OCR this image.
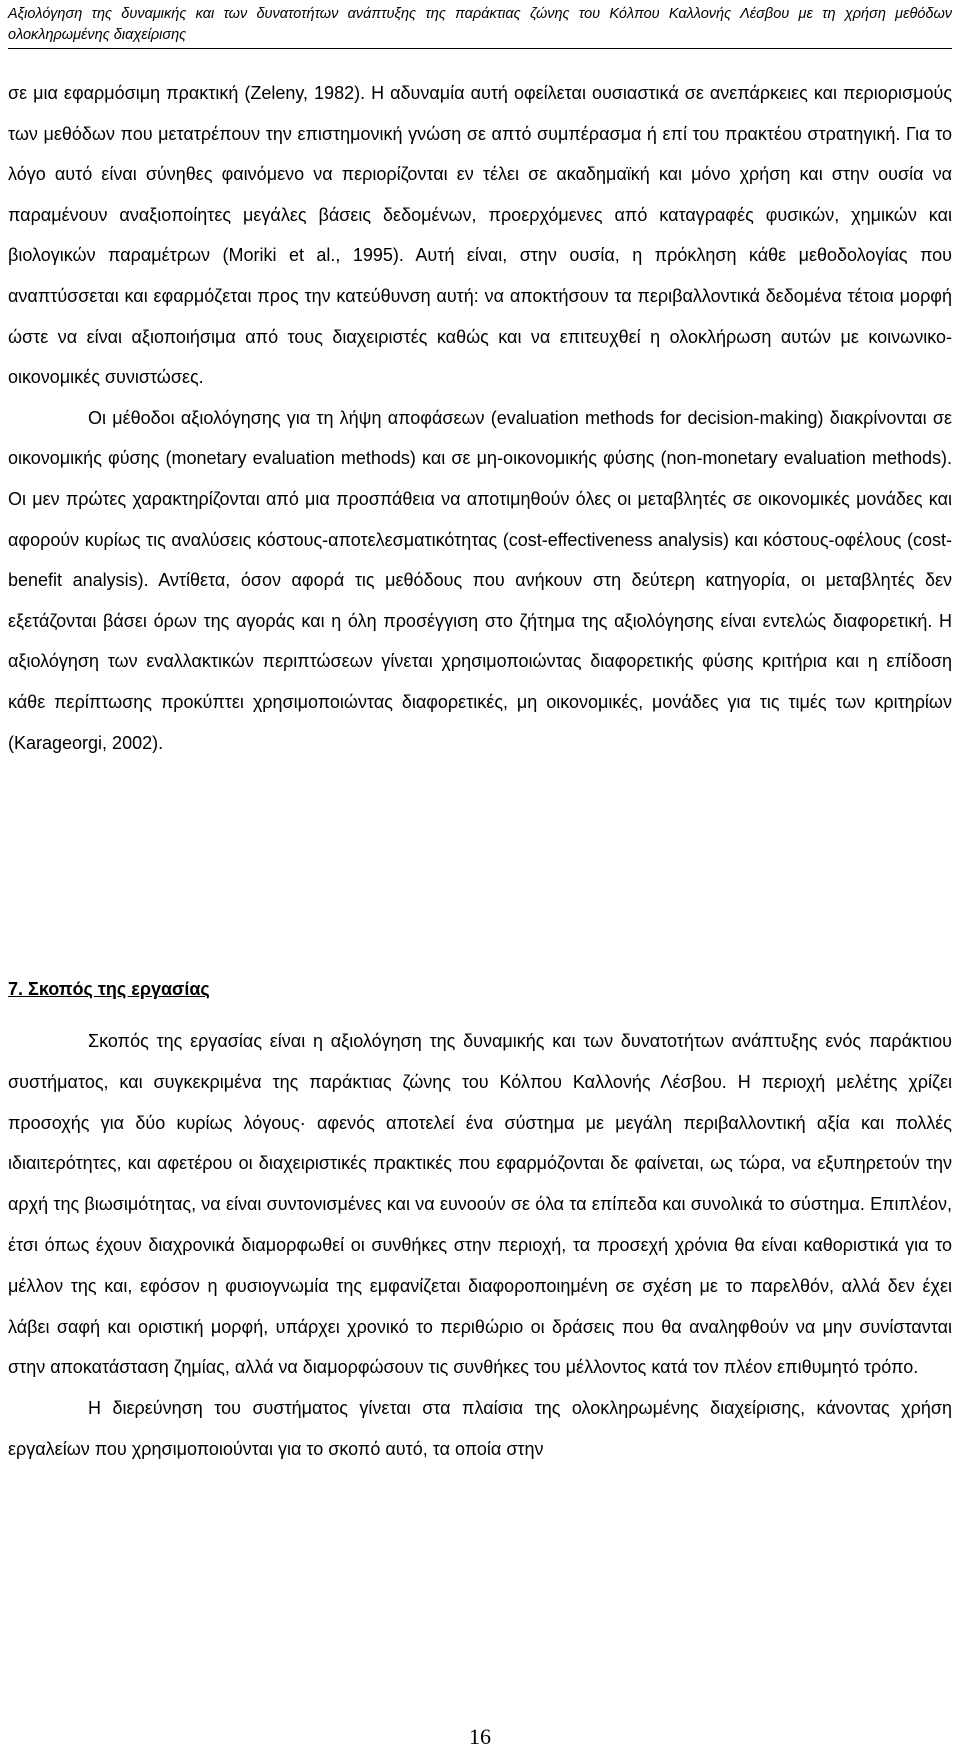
Αξιολόγηση της δυναμικής και των δυνατοτήτων ανάπτυξης της παράκτιας ζώνης του Κόλπου Καλλονής Λέσβου με τη χρήση μεθόδων ολοκληρωμένης διαχείρισης

σε μια εφαρμόσιμη πρακτική (Zeleny, 1982). Η αδυναμία αυτή οφείλεται ουσιαστικά σε ανεπάρκειες και περιορισμούς των μεθόδων που μετατρέπουν την επιστημονική γνώση σε απτό συμπέρασμα ή επί του πρακτέου στρατηγική. Για το λόγο αυτό είναι σύνηθες φαινόμενο να περιορίζονται εν τέλει σε ακαδημαϊκή και μόνο χρήση και στην ουσία να παραμένουν αναξιοποίητες μεγάλες βάσεις δεδομένων, προερχόμενες από καταγραφές φυσικών, χημικών και βιολογικών παραμέτρων (Moriki et al., 1995). Αυτή είναι, στην ουσία, η πρόκληση κάθε μεθοδολογίας που αναπτύσσεται και εφαρμόζεται προς την κατεύθυνση αυτή: να αποκτήσουν τα περιβαλλοντικά δεδομένα τέτοια μορφή ώστε να είναι αξιοποιήσιμα από τους διαχειριστές καθώς και να επιτευχθεί η ολοκλήρωση αυτών με κοινωνικο-οικονομικές συνιστώσες.

Οι μέθοδοι αξιολόγησης για τη λήψη αποφάσεων (evaluation methods for decision-making) διακρίνονται σε οικονομικής φύσης (monetary evaluation methods) και σε μη-οικονομικής φύσης (non-monetary evaluation methods). Οι μεν πρώτες χαρακτηρίζονται από μια προσπάθεια να αποτιμηθούν όλες οι μεταβλητές σε οικονομικές μονάδες και αφορούν κυρίως τις αναλύσεις κόστους-αποτελεσματικότητας (cost-effectiveness analysis) και κόστους-οφέλους (cost-benefit analysis). Αντίθετα, όσον αφορά τις μεθόδους που ανήκουν στη δεύτερη κατηγορία, οι μεταβλητές δεν εξετάζονται βάσει όρων της αγοράς και η όλη προσέγγιση στο ζήτημα της αξιολόγησης είναι εντελώς διαφορετική. Η αξιολόγηση των εναλλακτικών περιπτώσεων γίνεται χρησιμοποιώντας διαφορετικής φύσης κριτήρια και η επίδοση κάθε περίπτωσης προκύπτει χρησιμοποιώντας διαφορετικές, μη οικονομικές, μονάδες για τις τιμές των κριτηρίων (Karageorgi, 2002).

7. Σκοπός της εργασίας

Σκοπός της εργασίας είναι η αξιολόγηση της δυναμικής και των δυνατοτήτων ανάπτυξης ενός παράκτιου συστήματος, και συγκεκριμένα της παράκτιας ζώνης του Κόλπου Καλλονής Λέσβου. Η περιοχή μελέτης χρίζει προσοχής για δύο κυρίως λόγους· αφενός αποτελεί ένα σύστημα με μεγάλη περιβαλλοντική αξία και πολλές ιδιαιτερότητες, και αφετέρου οι διαχειριστικές πρακτικές που εφαρμόζονται δε φαίνεται, ως τώρα, να εξυπηρετούν την αρχή της βιωσιμότητας, να είναι συντονισμένες και να ευνοούν σε όλα τα επίπεδα και συνολικά το σύστημα. Επιπλέον, έτσι όπως έχουν διαχρονικά διαμορφωθεί οι συνθήκες στην περιοχή, τα προσεχή χρόνια θα είναι καθοριστικά για το μέλλον της και, εφόσον η φυσιογνωμία της εμφανίζεται διαφοροποιημένη σε σχέση με το παρελθόν, αλλά δεν έχει λάβει σαφή και οριστική μορφή, υπάρχει χρονικό το περιθώριο οι δράσεις που θα αναληφθούν να μην συνίστανται στην αποκατάσταση ζημίας, αλλά να διαμορφώσουν τις συνθήκες του μέλλοντος κατά τον πλέον επιθυμητό τρόπο.

Η διερεύνηση του συστήματος γίνεται στα πλαίσια της ολοκληρωμένης διαχείρισης, κάνοντας χρήση εργαλείων που χρησιμοποιούνται για το σκοπό αυτό, τα οποία στην

16
